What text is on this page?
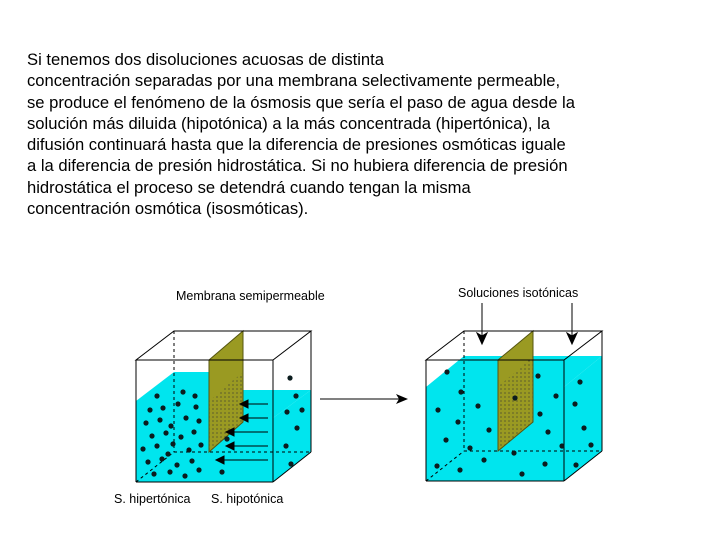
Si tenemos dos disoluciones acuosas de distinta
concentración separadas por una membrana selectivamente permeable,
se produce el fenómeno de la ósmosis que sería el paso de agua desde la
solución más diluida (hipotónica) a la más concentrada (hipertónica), la
difusión continuará hasta que la diferencia de presiones osmóticas iguale
a la diferencia de presión hidrostática. Si no hubiera diferencia de presión
hidrostática el proceso se detendrá cuando tengan la misma
concentración osmótica (isosmóticas).
Membrana semipermeable	Soluciones isotónicas
S. hipertónica S. hipotónica
